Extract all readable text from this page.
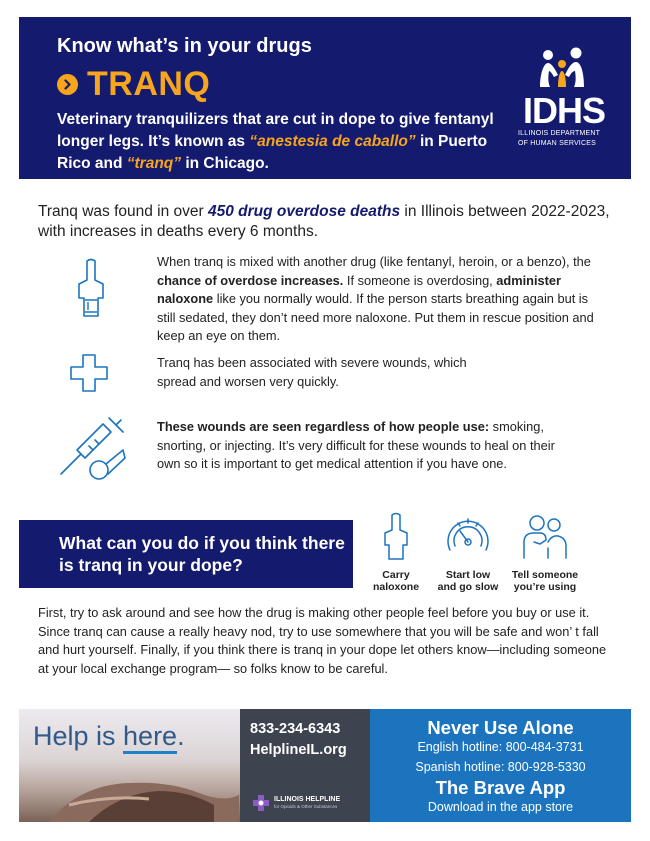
Know what’s in your drugs
TRANQ
Veterinary tranquilizers that are cut in dope to give fentanyl longer legs. It’s known as “anestesia de caballo” in Puerto Rico and “tranq” in Chicago.
IDHS
ILLINOIS DEPARTMENT
OF HUMAN SERVICES
Tranq was found in over 450 drug overdose deaths in Illinois between 2022-2023, with increases in deaths every 6 months.
When tranq is mixed with another drug (like fentanyl, heroin, or a benzo), the chance of overdose increases. If someone is overdosing, administer naloxone like you normally would. If the person starts breathing again but is still sedated, they don’t need more naloxone. Put them in rescue position and keep an eye on them.
Tranq has been associated with severe wounds, which spread and worsen very quickly.
These wounds are seen regardless of how people use: smoking, snorting, or injecting. It’s very difficult for these wounds to heal on their own so it is important to get medical attention if you have one.
What can you do if you think there is tranq in your dope?	Carry
naloxone
Start low
and go slow
Tell someone
you’re using
First, try to ask around and see how the drug is making other people feel before you buy or use it. Since tranq can cause a really heavy nod, try to use somewhere that you will be safe and won’ t fall and hurt yourself. Finally, if you think there is tranq in your dope let others know—including someone at your local exchange program— so folks know to be careful.
Help is here.	833-234-6343
HelplineIL.org
ILLINOIS HELPLINE
for Opioids & Other Substances
Never Use Alone
English hotline: 800-484-3731
Spanish hotline: 800-928-5330
The Brave App
Download in the app store
